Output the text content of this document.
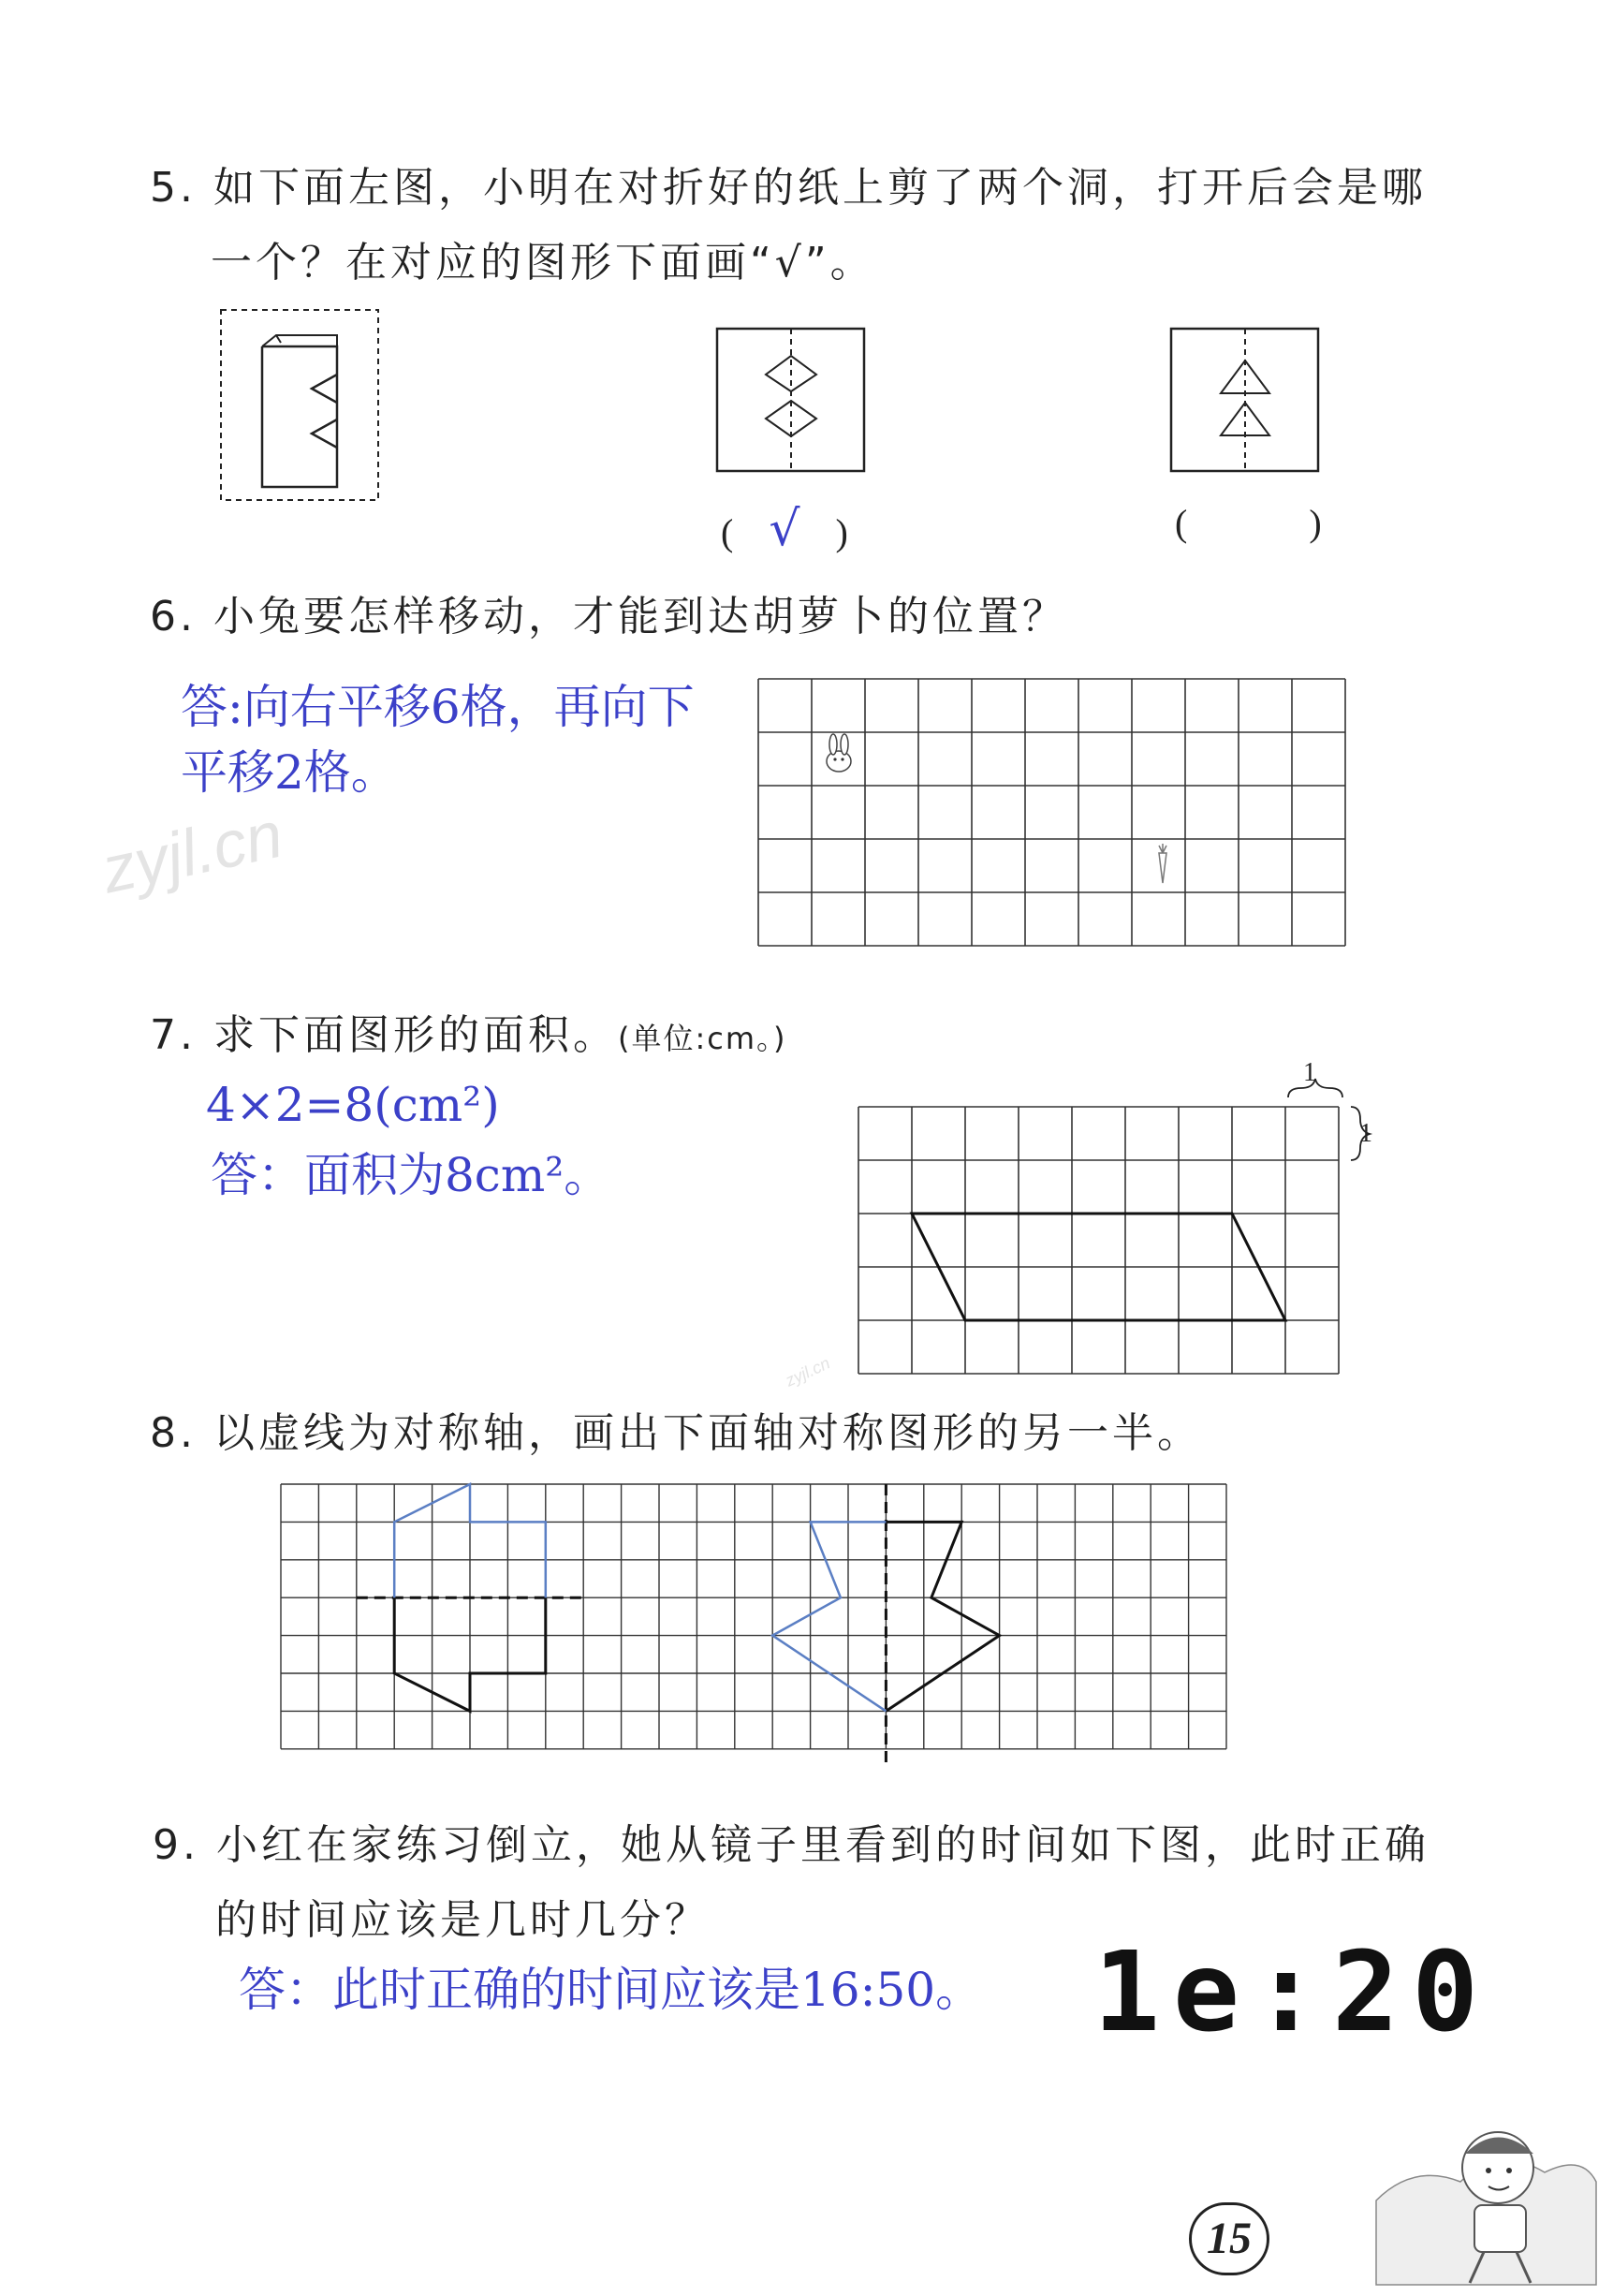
5. 如下面左图，小明在对折好的纸上剪了两个洞，打开后会是哪
一个？在对应的图形下面画“√”。
( √ )	(	)
6. 小兔要怎样移动，才能到达胡萝卜的位置？
答:向右平移6格，再向下
平移2格。
zyjl.cn
7. 求下面图形的面积。(单位:cm。)
4×2=8(cm²)
答：面积为8cm²。
1
1
zyjl.cn
8. 以虚线为对称轴，画出下面轴对称图形的另一半。
9. 小红在家练习倒立，她从镜子里看到的时间如下图，此时正确
的时间应该是几时几分？
答：此时正确的时间应该是16:50。 1e:20
15
